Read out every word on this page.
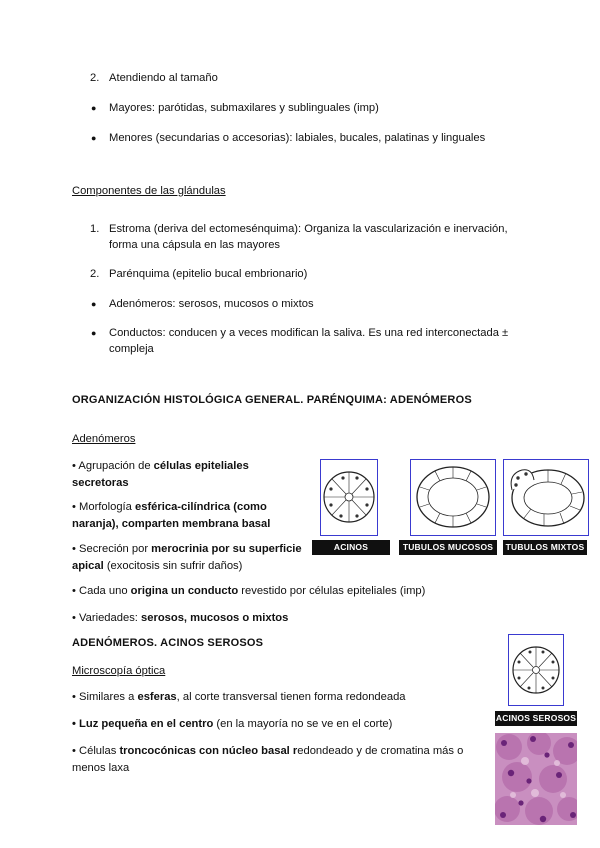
2. Atendiendo al tamaño
● Mayores: parótidas, submaxilares y sublinguales (imp)
● Menores (secundarias o accesorias): labiales, bucales, palatinas y linguales
Componentes de las glándulas
1. Estroma (deriva del ectomesénquima): Organiza la vascularización e inervación,
forma una cápsula en las mayores
2. Parénquima (epitelio bucal embrionario)
● Adenómeros: serosos, mucosos o mixtos
● Conductos: conducen y a veces modifican la saliva. Es una red interconectada ±
compleja
ORGANIZACIÓN HISTOLÓGICA GENERAL. PARÉNQUIMA: ADENÓMEROS
Adenómeros
• Agrupación de células epiteliales
secretoras
• Morfología esférica-cilíndrica (como
naranja), comparten membrana basal
• Secreción por merocrinia por su superficie
apical (exocitosis sin sufrir daños)
• Cada uno origina un conducto revestido por células epiteliales (imp)
• Variedades: serosos, mucosos o mixtos
ACINOS SEROSOS
TUBULOS MUCOSOS	TUBULOS MIXTOS
ADENÓMEROS. ACINOS SEROSOS
Microscopía óptica
• Similares a esferas, al corte transversal tienen forma redondeada
• Luz pequeña en el centro (en la mayoría no se ve en el corte)
• Células troncocónicas con núcleo basal redondeado y de cromatina más o
menos laxa
ACINOS SEROSOS
